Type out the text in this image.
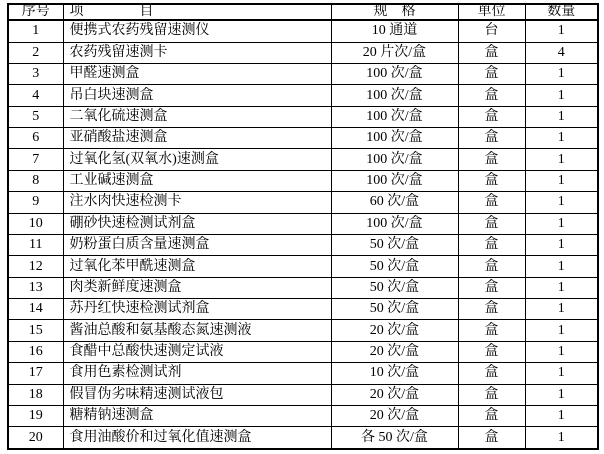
序号	项　　　　目	规　格	单位	数量
1	便携式农药残留速测仪	10 通道	台	1
2	农药残留速测卡	20 片次/盒	盒	4
3	甲醛速测盒	100 次/盒	盒	1
4	吊白块速测盒	100 次/盒	盒	1
5	二氧化硫速测盒	100 次/盒	盒	1
6	亚硝酸盐速测盒	100 次/盒	盒	1
7	过氧化氢(双氧水)速测盒	100 次/盒	盒	1
8	工业碱速测盒	100 次/盒	盒	1
9	注水肉快速检测卡	60 次/盒	盒	1
10	硼砂快速检测试剂盒	100 次/盒	盒	1
11	奶粉蛋白质含量速测盒	50 次/盒	盒	1
12	过氧化苯甲酰速测盒	50 次/盒	盒	1
13	肉类新鲜度速测盒	50 次/盒	盒	1
14	苏丹红快速检测试剂盒	50 次/盒	盒	1
15	酱油总酸和氨基酸态氮速测液	20 次/盒	盒	1
16	食醋中总酸快速测定试液	20 次/盒	盒	1
17	食用色素检测试剂	10 次/盒	盒	1
18	假冒伪劣味精速测试液包	20 次/盒	盒	1
19	糖精钠速测盒	20 次/盒	盒	1
20	食用油酸价和过氧化值速测盒	各 50 次/盒	盒	1
